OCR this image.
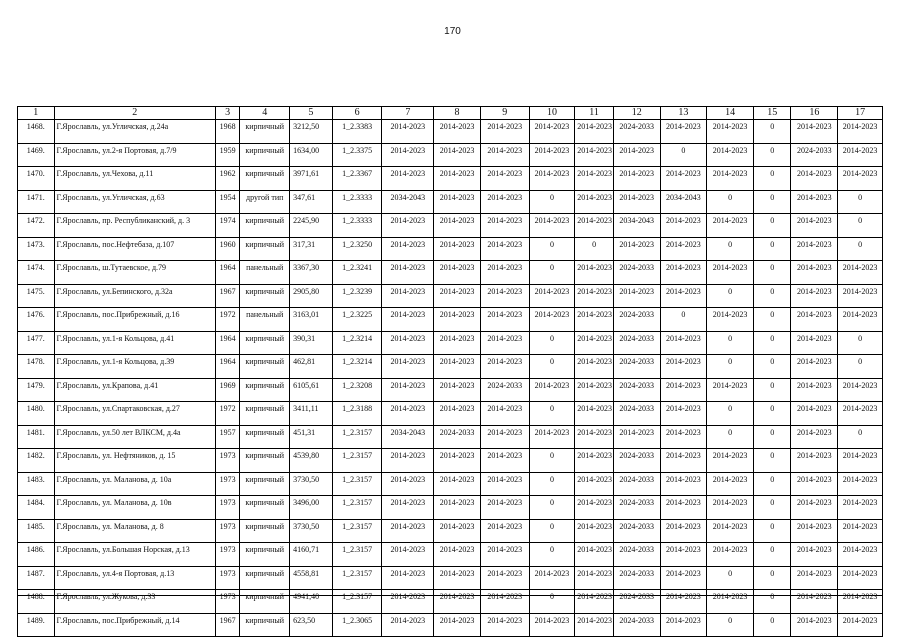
170
1	2	3	4	5	6	7	8	9	10	11	12	13	14	15	16	17
1468.	Г.Ярославль, ул.Угличская, д.24а	1968	кирпичный	3212,50	1_2.3383	2014-2023	2014-2023	2014-2023	2014-2023	2014-2023	2024-2033	2014-2023	2014-2023	0	2014-2023	2014-2023
1469.	Г.Ярославль, ул.2-я Портовая, д.7/9	1959	кирпичный	1634,00	1_2.3375	2014-2023	2014-2023	2014-2023	2014-2023	2014-2023	2014-2023	0	2014-2023	0	2024-2033	2014-2023
1470.	Г.Ярославль, ул.Чехова, д.11	1962	кирпичный	3971,61	1_2.3367	2014-2023	2014-2023	2014-2023	2014-2023	2014-2023	2014-2023	2014-2023	2014-2023	0	2014-2023	2014-2023
1471.	Г.Ярославль, ул.Угличская, д.63	1954	другой тип	347,61	1_2.3333	2034-2043	2014-2023	2014-2023	0	2014-2023	2014-2023	2034-2043	0	0	2014-2023	0
1472.	Г.Ярославль, пр. Республиканский, д. 3	1974	кирпичный	2245,90	1_2.3333	2014-2023	2014-2023	2014-2023	2014-2023	2014-2023	2034-2043	2014-2023	2014-2023	0	2014-2023	0
1473.	Г.Ярославль, пос.Нефтебаза, д.107	1960	кирпичный	317,31	1_2.3250	2014-2023	2014-2023	2014-2023	0	0	2014-2023	2014-2023	0	0	2014-2023	0
1474.	Г.Ярославль, ш.Тутаевское, д.79	1964	панельный	3367,30	1_2.3241	2014-2023	2014-2023	2014-2023	0	2014-2023	2024-2033	2014-2023	2014-2023	0	2014-2023	2014-2023
1475.	Г.Ярославль, ул.Бепинского, д.32а	1967	кирпичный	2905,80	1_2.3239	2014-2023	2014-2023	2014-2023	2014-2023	2014-2023	2014-2023	2014-2023	0	0	2014-2023	2014-2023
1476.	Г.Ярославль, пос.Прибрежный, д.16	1972	панельный	3163,01	1_2.3225	2014-2023	2014-2023	2014-2023	2014-2023	2014-2023	2024-2033	0	2014-2023	0	2014-2023	2014-2023
1477.	Г.Ярославль, ул.1-я Кольцова, д.41	1964	кирпичный	390,31	1_2.3214	2014-2023	2014-2023	2014-2023	0	2014-2023	2024-2033	2014-2023	0	0	2014-2023	0
1478.	Г.Ярославль, ул.1-я Кольцова, д.39	1964	кирпичный	462,81	1_2.3214	2014-2023	2014-2023	2014-2023	0	2014-2023	2024-2033	2014-2023	0	0	2014-2023	0
1479.	Г.Ярославль, ул.Крапова, д.41	1969	кирпичный	6105,61	1_2.3208	2014-2023	2014-2023	2024-2033	2014-2023	2014-2023	2024-2033	2014-2023	2014-2023	0	2014-2023	2014-2023
1480.	Г.Ярославль, ул.Спартаковская, д.27	1972	кирпичный	3411,11	1_2.3188	2014-2023	2014-2023	2014-2023	0	2014-2023	2024-2033	2014-2023	0	0	2014-2023	2014-2023
1481.	Г.Ярославль, ул.50 лет ВЛКСМ, д.4а	1957	кирпичный	451,31	1_2.3157	2034-2043	2024-2033	2014-2023	2014-2023	2014-2023	2014-2023	2014-2023	0	0	2014-2023	0
1482.	Г.Ярославль, ул. Нефтяников, д. 15	1973	кирпичный	4539,80	1_2.3157	2014-2023	2014-2023	2014-2023	0	2014-2023	2024-2033	2014-2023	2014-2023	0	2014-2023	2014-2023
1483.	Г.Ярославль, ул. Маланова, д. 10а	1973	кирпичный	3730,50	1_2.3157	2014-2023	2014-2023	2014-2023	0	2014-2023	2024-2033	2014-2023	2014-2023	0	2014-2023	2014-2023
1484.	Г.Ярославль, ул. Маланова, д. 10в	1973	кирпичный	3496,00	1_2.3157	2014-2023	2014-2023	2014-2023	0	2014-2023	2024-2033	2014-2023	2014-2023	0	2014-2023	2014-2023
1485.	Г.Ярославль, ул. Маланова, д. 8	1973	кирпичный	3730,50	1_2.3157	2014-2023	2014-2023	2014-2023	0	2014-2023	2024-2033	2014-2023	2014-2023	0	2014-2023	2014-2023
1486.	Г.Ярославль, ул.Большая Норская, д.13	1973	кирпичный	4160,71	1_2.3157	2014-2023	2014-2023	2014-2023	0	2014-2023	2024-2033	2014-2023	2014-2023	0	2014-2023	2014-2023
1487.	Г.Ярославль, ул.4-я Портовая, д.13	1973	кирпичный	4558,81	1_2.3157	2014-2023	2014-2023	2014-2023	2014-2023	2014-2023	2024-2033	2014-2023	0	0	2014-2023	2014-2023
1488.	Г.Ярославль, ул.Жукова, д.33	1973	кирпичный	4941,40	1_2.3157	2014-2023	2014-2023	2014-2023	0	2014-2023	2024-2033	2014-2023	2014-2023	0	2014-2023	2014-2023
1489.	Г.Ярославль, пос.Прибрежный, д.14	1967	кирпичный	623,50	1_2.3065	2014-2023	2014-2023	2014-2023	2014-2023	2014-2023	2024-2033	2014-2023	0	0	2014-2023	2014-2023
